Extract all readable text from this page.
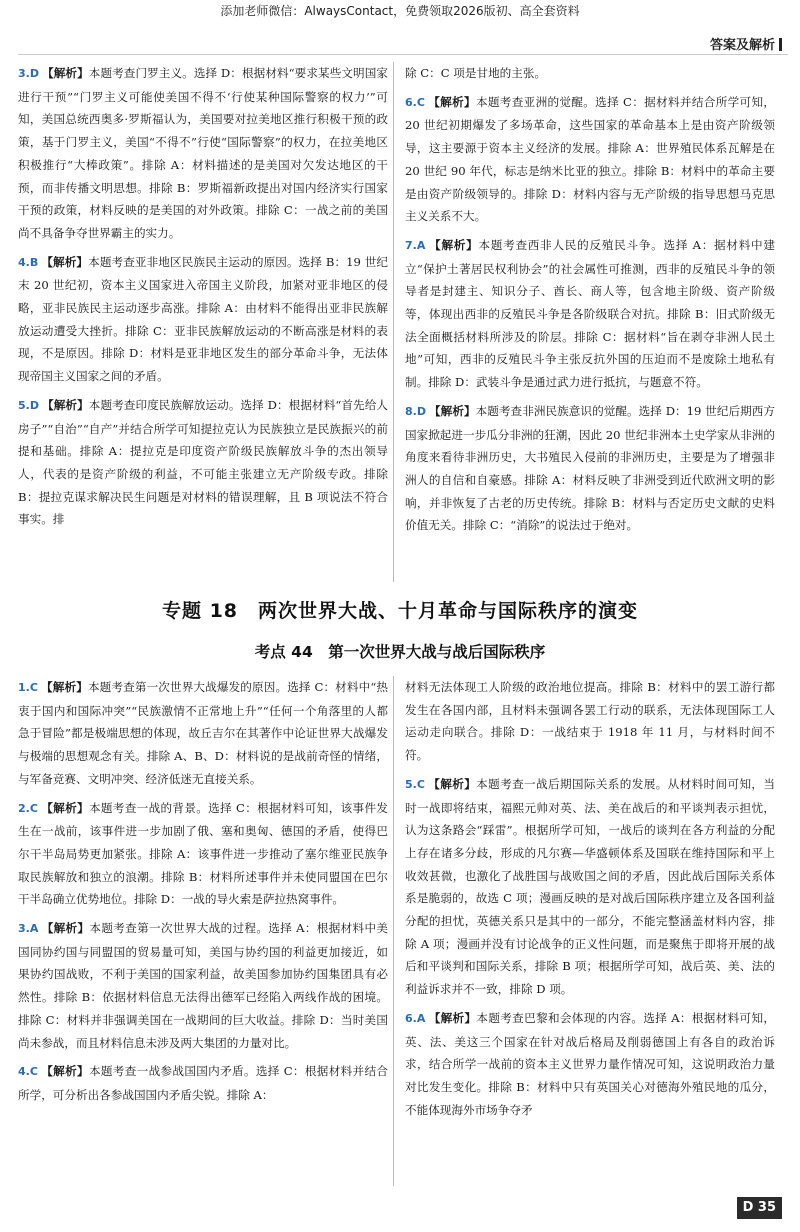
添加老师微信：AlwaysContact，免费领取2026版初、高全套资料
答案及解析

3.D 【解析】本题考查门罗主义。选择 D：根据材料“要求某些文明国家进行干预”“门罗主义可能使美国不得不‘行使某种国际警察的权力’”可知，美国总统西奥多·罗斯福认为，美国要对拉美地区推行积极干预的政策，基于门罗主义，美国“不得不”行使“国际警察”的权力，在拉美地区积极推行“大棒政策”。排除 A：材料描述的是美国对欠发达地区的干预，而非传播文明思想。排除 B：罗斯福新政提出对国内经济实行国家干预的政策，材料反映的是美国的对外政策。排除 C：一战之前的美国尚不具备争夺世界霸主的实力。

4.B 【解析】本题考查亚非地区民族民主运动的原因。选择 B：19 世纪末 20 世纪初，资本主义国家进入帝国主义阶段，加紧对亚非地区的侵略，亚非民族民主运动逐步高涨。排除 A：由材料不能得出亚非民族解放运动遭受大挫折。排除 C：亚非民族解放运动的不断高涨是材料的表现，不是原因。排除 D：材料是亚非地区发生的部分革命斗争，无法体现帝国主义国家之间的矛盾。

5.D 【解析】本题考查印度民族解放运动。选择 D：根据材料“首先给人房子”“自治”“自产”并结合所学可知提拉克认为民族独立是民族振兴的前提和基础。排除 A：提拉克是印度资产阶级民族解放斗争的杰出领导人，代表的是资产阶级的利益，不可能主张建立无产阶级专政。排除 B：提拉克谋求解决民生问题是对材料的错误理解，且 B 项说法不符合事实。排

除 C：C 项是甘地的主张。

6.C 【解析】本题考查亚洲的觉醒。选择 C：据材料并结合所学可知，20 世纪初期爆发了多场革命，这些国家的革命基本上是由资产阶级领导，这主要源于资本主义经济的发展。排除 A：世界殖民体系瓦解是在 20 世纪 90 年代，标志是纳米比亚的独立。排除 B：材料中的革命主要是由资产阶级领导的。排除 D：材料内容与无产阶级的指导思想马克思主义关系不大。

7.A 【解析】本题考查西非人民的反殖民斗争。选择 A：据材料中建立“保护土著居民权利协会”的社会属性可推测，西非的反殖民斗争的领导者是封建主、知识分子、酋长、商人等，包含地主阶级、资产阶级等，体现出西非的反殖民斗争是各阶级联合对抗。排除 B：旧式阶级无法全面概括材料所涉及的阶层。排除 C：据材料“旨在剥夺非洲人民土地”可知，西非的反殖民斗争主张反抗外国的压迫而不是废除土地私有制。排除 D：武装斗争是通过武力进行抵抗，与题意不符。

8.D 【解析】本题考查非洲民族意识的觉醒。选择 D：19 世纪后期西方国家掀起进一步瓜分非洲的狂潮，因此 20 世纪非洲本土史学家从非洲的角度来看待非洲历史，大书殖民入侵前的非洲历史，主要是为了增强非洲人的自信和自豪感。排除 A：材料反映了非洲受到近代欧洲文明的影响，并非恢复了古老的历史传统。排除 B：材料与否定历史文献的史料价值无关。排除 C：“消除”的说法过于绝对。

专题 18　两次世界大战、十月革命与国际秩序的演变
考点 44　第一次世界大战与战后国际秩序

1.C 【解析】本题考查第一次世界大战爆发的原因。选择 C：材料中“热衷于国内和国际冲突”“民族激情不正常地上升”“任何一个角落里的人都急于冒险”都是极端思想的体现，故丘吉尔在其著作中论证世界大战爆发与极端的思想观念有关。排除 A、B、D：材料说的是战前奇怪的情绪，与军备竞赛、文明冲突、经济低迷无直接关系。

2.C 【解析】本题考查一战的背景。选择 C：根据材料可知，该事件发生在一战前，该事件进一步加剧了俄、塞和奥匈、德国的矛盾，使得巴尔干半岛局势更加紧张。排除 A：该事件进一步推动了塞尔维亚民族争取民族解放和独立的浪潮。排除 B：材料所述事件并未使同盟国在巴尔干半岛确立优势地位。排除 D：一战的导火索是萨拉热窝事件。

3.A 【解析】本题考查第一次世界大战的过程。选择 A：根据材料中美国同协约国与同盟国的贸易量可知，美国与协约国的利益更加接近，如果协约国战败，不利于美国的国家利益，故美国参加协约国集团具有必然性。排除 B：依据材料信息无法得出德军已经陷入两线作战的困境。排除 C：材料并非强调美国在一战期间的巨大收益。排除 D：当时美国尚未参战，而且材料信息未涉及两大集团的力量对比。

4.C 【解析】本题考查一战参战国国内矛盾。选择 C：根据材料并结合所学，可分析出各参战国国内矛盾尖锐。排除 A：

材料无法体现工人阶级的政治地位提高。排除 B：材料中的罢工游行都发生在各国内部，且材料未强调各罢工行动的联系，无法体现国际工人运动走向联合。排除 D：一战结束于 1918 年 11 月，与材料时间不符。

5.C 【解析】本题考查一战后期国际关系的发展。从材料时间可知，当时一战即将结束，福熙元帅对英、法、美在战后的和平谈判表示担忧，认为这条路会“踩雷”。根据所学可知，一战后的谈判在各方利益的分配上存在诸多分歧，形成的凡尔赛—华盛顿体系及国联在维持国际和平上收效甚微，也激化了战胜国与战败国之间的矛盾，因此战后国际关系体系是脆弱的，故选 C 项；漫画反映的是对战后国际秩序建立及各国利益分配的担忧，英德关系只是其中的一部分，不能完整涵盖材料内容，排除 A 项；漫画并没有讨论战争的正义性问题，而是聚焦于即将开展的战后和平谈判和国际关系，排除 B 项；根据所学可知，战后英、美、法的利益诉求并不一致，排除 D 项。

6.A 【解析】本题考查巴黎和会体现的内容。选择 A：根据材料可知，英、法、美这三个国家在针对战后格局及削弱德国上有各自的政治诉求，结合所学一战前的资本主义世界力量作情况可知，这说明政治力量对比发生变化。排除 B：材料中只有英国关心对德海外殖民地的瓜分，不能体现海外市场争夺矛

D 35
